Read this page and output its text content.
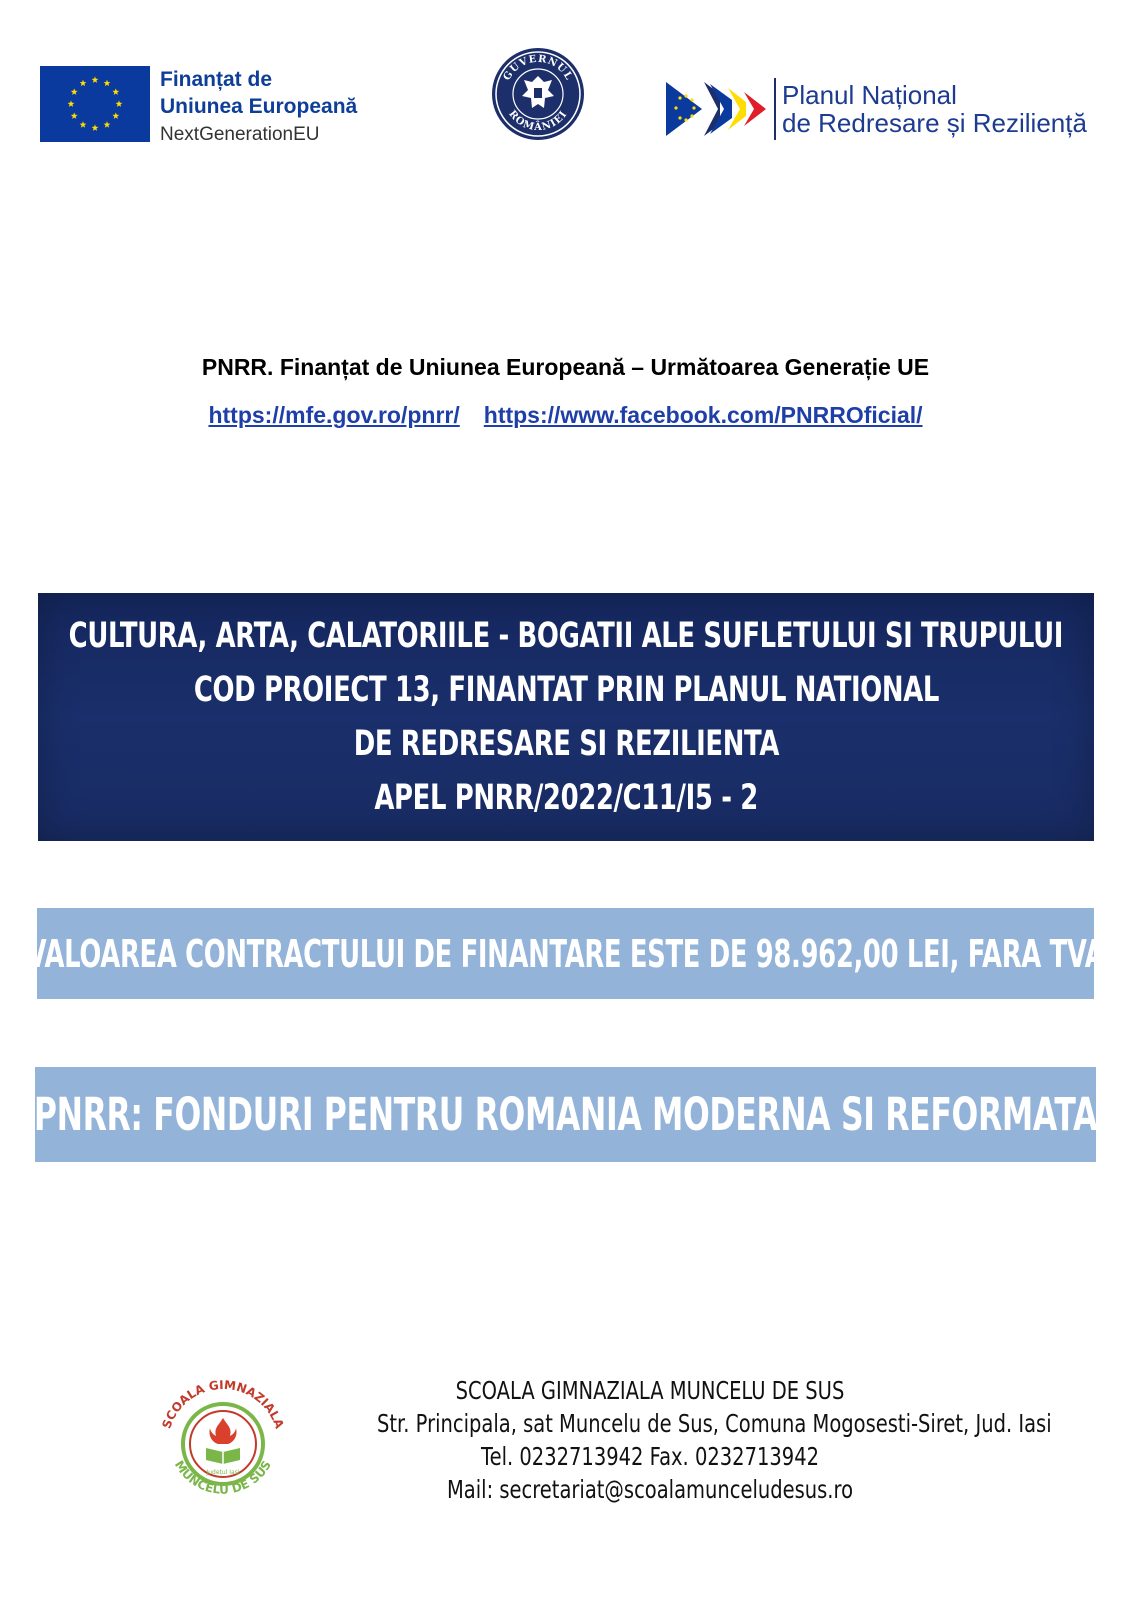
Finanțat de
Uniunea Europeană
NextGenerationEU
GUVERNUL
ROMÂNIEI
Planul Național
de Redresare și Reziliență
PNRR. Finanțat de Uniunea Europeană – Următoarea Generație UE
https://mfe.gov.ro/pnrr/ https://www.facebook.com/PNRROficial/
CULTURA, ARTA, CALATORIILE - BOGATII ALE SUFLETULUI SI TRUPULUI
COD PROIECT 13, FINANTAT PRIN PLANUL NATIONAL
DE REDRESARE SI REZILIENTA
APEL PNRR/2022/C11/I5 - 2
VALOAREA CONTRACTULUI DE FINANTARE ESTE DE 98.962,00 LEI, FARA TVA
PNRR: FONDURI PENTRU ROMANIA MODERNA SI REFORMATA
SCOALA GIMNAZIALA
MUNCELU DE SUS
Județul Iași
SCOALA GIMNAZIALA MUNCELU DE SUS
Str. Principala, sat Muncelu de Sus, Comuna Mogosesti-Siret, Jud. Iasi
Tel. 0232713942 Fax. 0232713942
Mail: secretariat@scoalamunceludesus.ro
